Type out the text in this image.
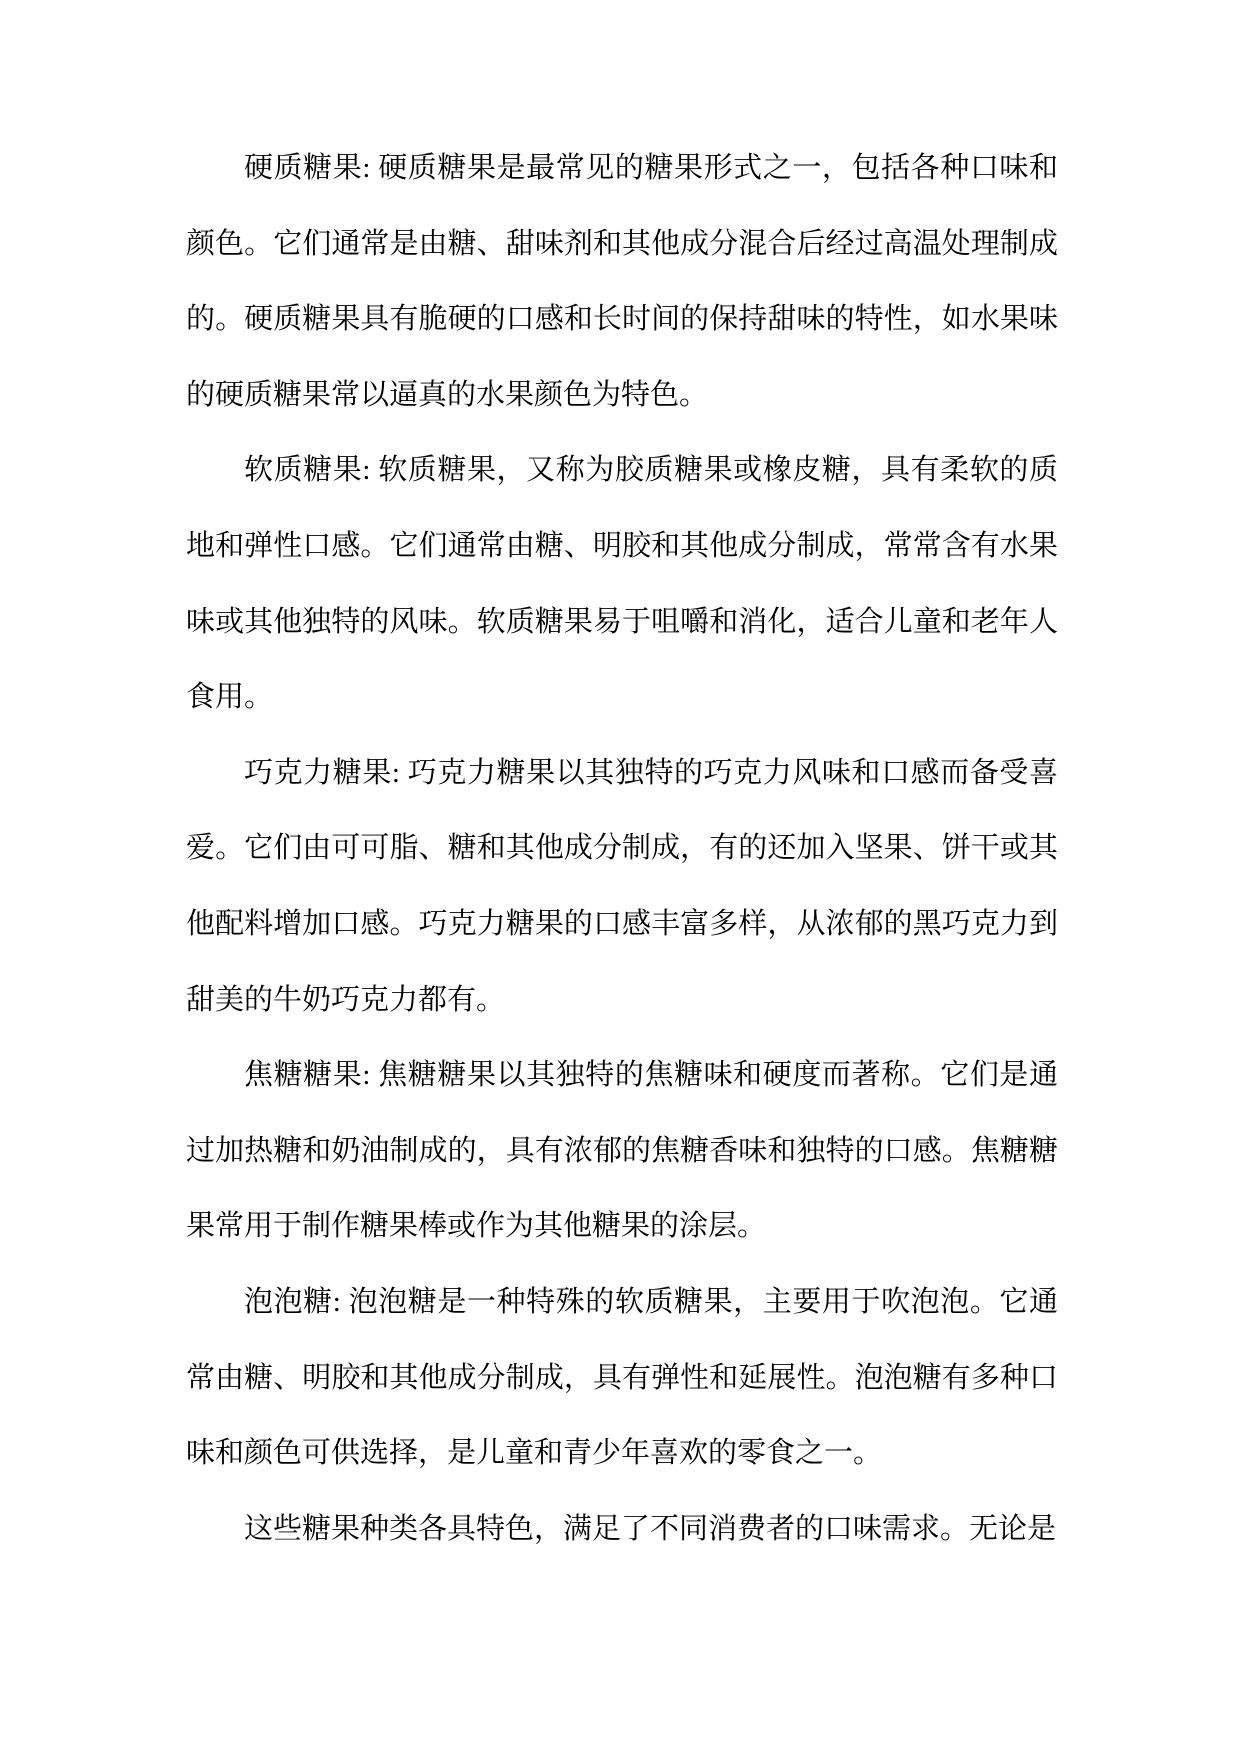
硬质糖果: 硬质糖果是最常见的糖果形式之一，包括各种口味和颜色。它们通常是由糖、甜味剂和其他成分混合后经过高温处理制成的。硬质糖果具有脆硬的口感和长时间的保持甜味的特性，如水果味的硬质糖果常以逼真的水果颜色为特色。

软质糖果: 软质糖果，又称为胶质糖果或橡皮糖，具有柔软的质地和弹性口感。它们通常由糖、明胶和其他成分制成，常常含有水果味或其他独特的风味。软质糖果易于咀嚼和消化，适合儿童和老年人食用。

巧克力糖果: 巧克力糖果以其独特的巧克力风味和口感而备受喜爱。它们由可可脂、糖和其他成分制成，有的还加入坚果、饼干或其他配料增加口感。巧克力糖果的口感丰富多样，从浓郁的黑巧克力到甜美的牛奶巧克力都有。

焦糖糖果: 焦糖糖果以其独特的焦糖味和硬度而著称。它们是通过加热糖和奶油制成的，具有浓郁的焦糖香味和独特的口感。焦糖糖果常用于制作糖果棒或作为其他糖果的涂层。

泡泡糖: 泡泡糖是一种特殊的软质糖果，主要用于吹泡泡。它通常由糖、明胶和其他成分制成，具有弹性和延展性。泡泡糖有多种口味和颜色可供选择，是儿童和青少年喜欢的零食之一。

这些糖果种类各具特色，满足了不同消费者的口味需求。无论是
